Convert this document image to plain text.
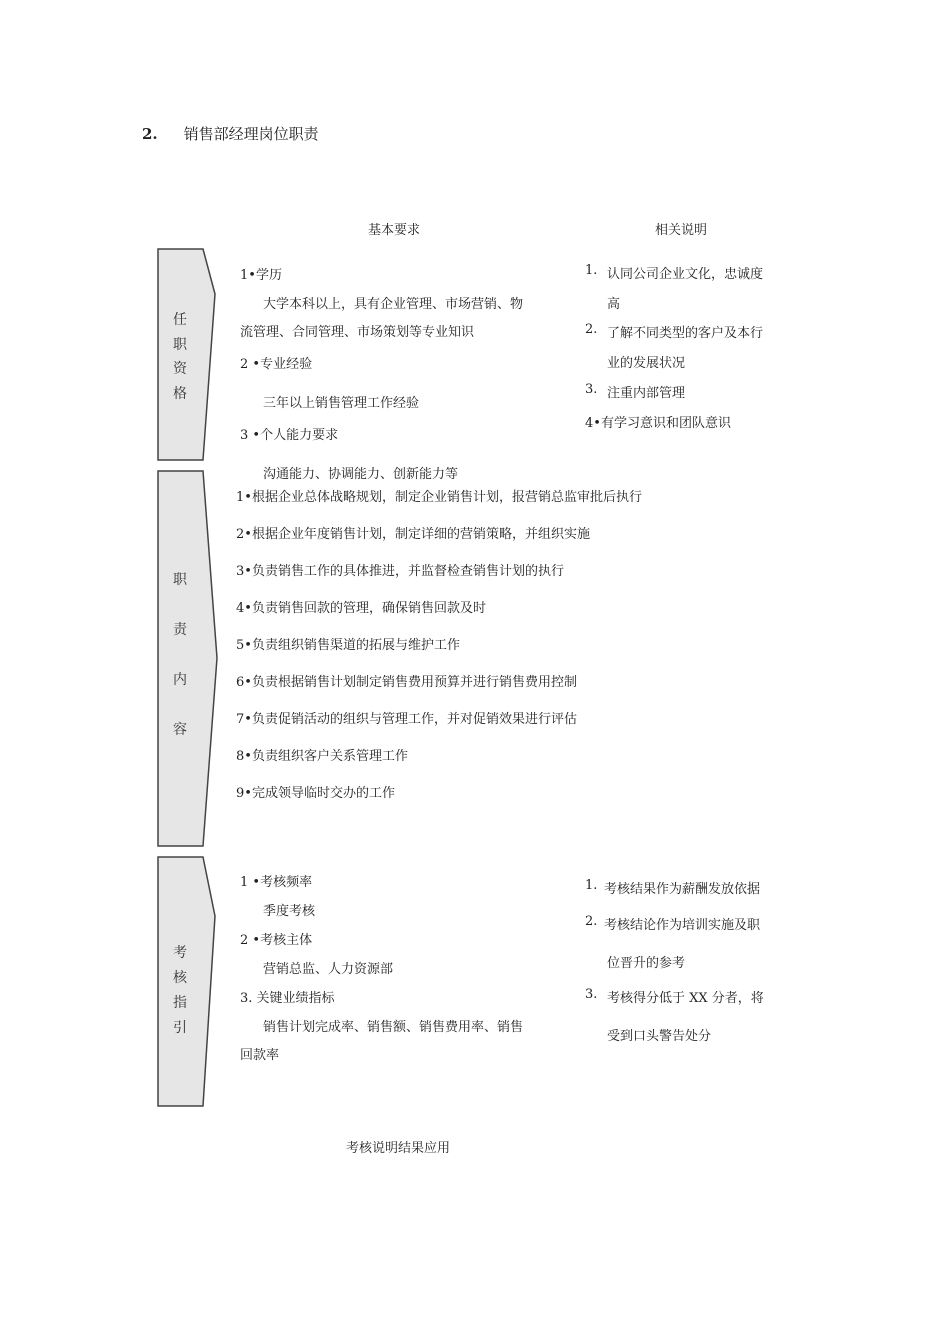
2. 销售部经理岗位职责
基本要求	相关说明
任
职
资
格
职
责
内
容
考
核
指
引
1•学历
大学本科以上，具有企业管理、市场营销、物
流管理、合同管理、市场策划等专业知识
2 •专业经验
三年以上销售管理工作经验
3 •个人能力要求
沟通能力、协调能力、创新能力等
1. 认同公司企业文化，忠诚度
高
2. 了解不同类型的客户及本行
业的发展状况
3. 注重内部管理
4•有学习意识和团队意识
1•根据企业总体战略规划，制定企业销售计划，报营销总监审批后执行
2•根据企业年度销售计划，制定详细的营销策略，并组织实施
3•负责销售工作的具体推进，并监督检查销售计划的执行
4•负责销售回款的管理，确保销售回款及时
5•负责组织销售渠道的拓展与维护工作
6•负责根据销售计划制定销售费用预算并进行销售费用控制
7•负责促销活动的组织与管理工作，并对促销效果进行评估
8•负责组织客户关系管理工作
9•完成领导临时交办的工作
1 •考核频率
季度考核
2 •考核主体
营销总监、人力资源部
3. 关键业绩指标
销售计划完成率、销售额、销售费用率、销售
回款率
1. 考核结果作为薪酬发放依据
2. 考核结论作为培训实施及职
位晋升的参考
3. 考核得分低于 XX 分者，将
受到口头警告处分
考核说明结果应用
